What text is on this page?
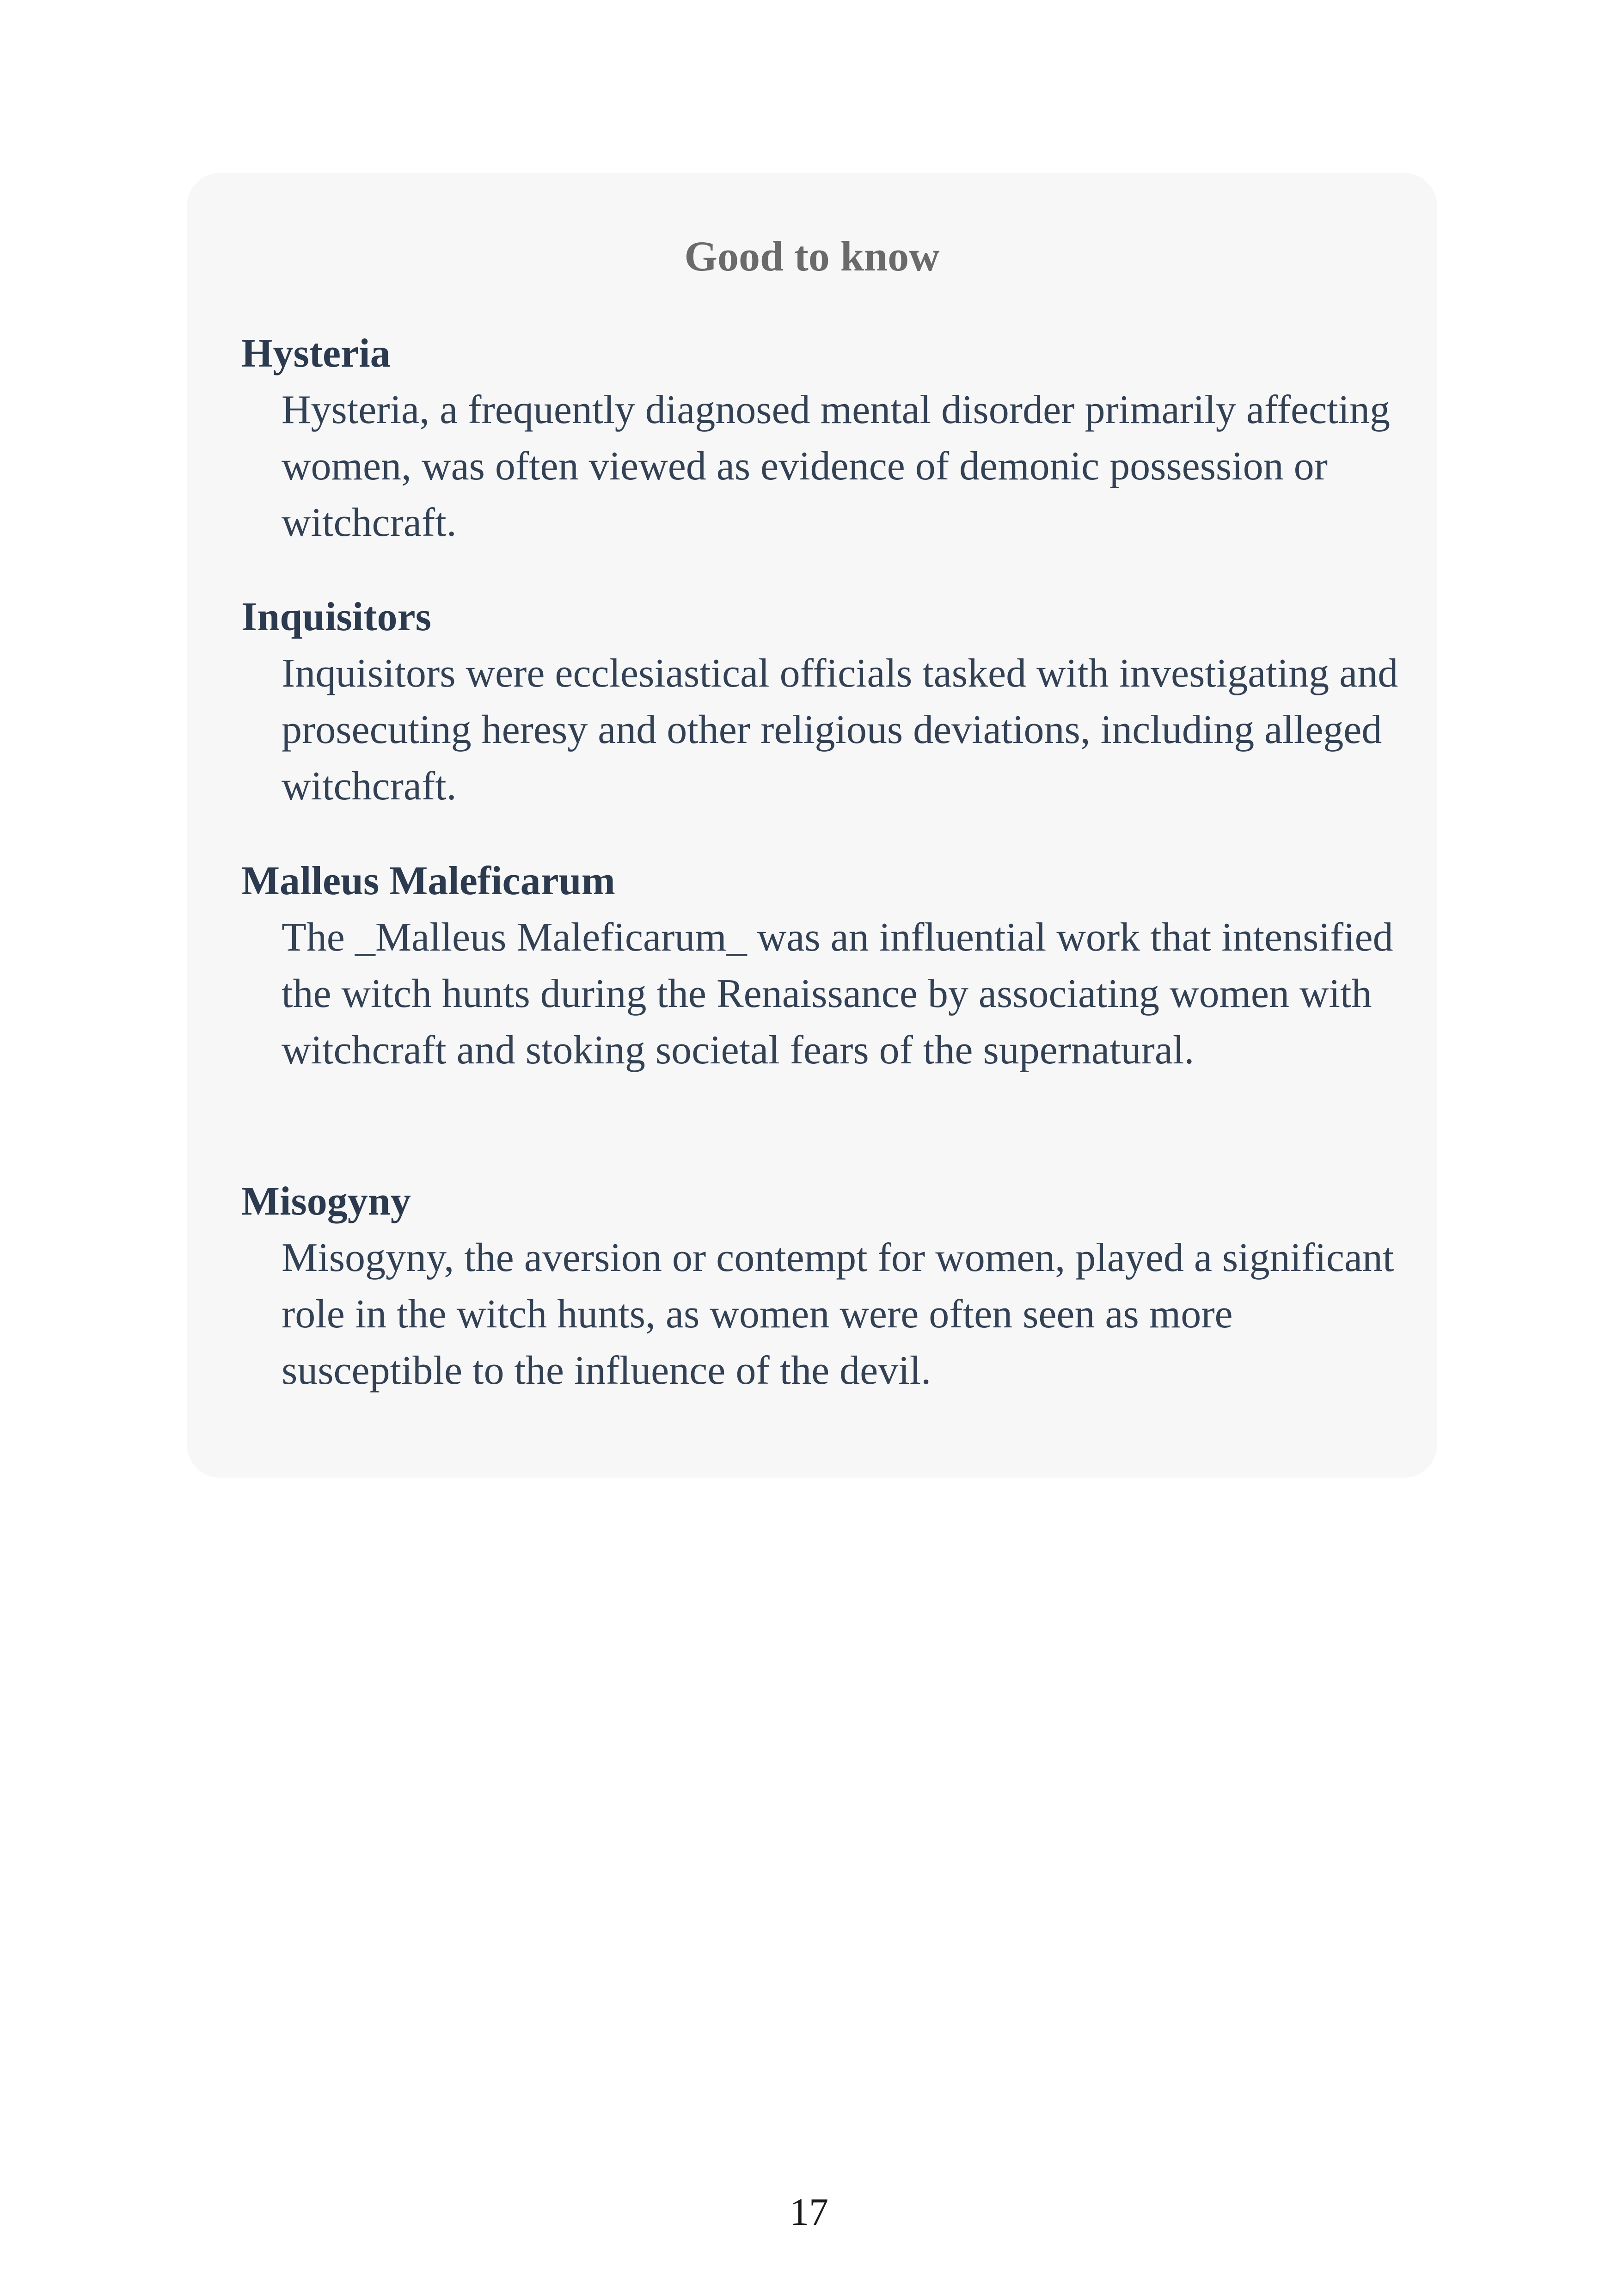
Good to know
Hysteria

Hysteria, a frequently diagnosed mental disorder primarily affecting women, was often viewed as evidence of demonic possession or witchcraft.

Inquisitors

Inquisitors were ecclesiastical officials tasked with investigating and prosecuting heresy and other religious deviations, including alleged witchcraft.

Malleus Maleficarum

The _Malleus Maleficarum_ was an influential work that intensified the witch hunts during the Renaissance by associating women with witchcraft and stoking societal fears of the supernatural.

Misogyny

Misogyny, the aversion or contempt for women, played a significant role in the witch hunts, as women were often seen as more susceptible to the influence of the devil.

17
